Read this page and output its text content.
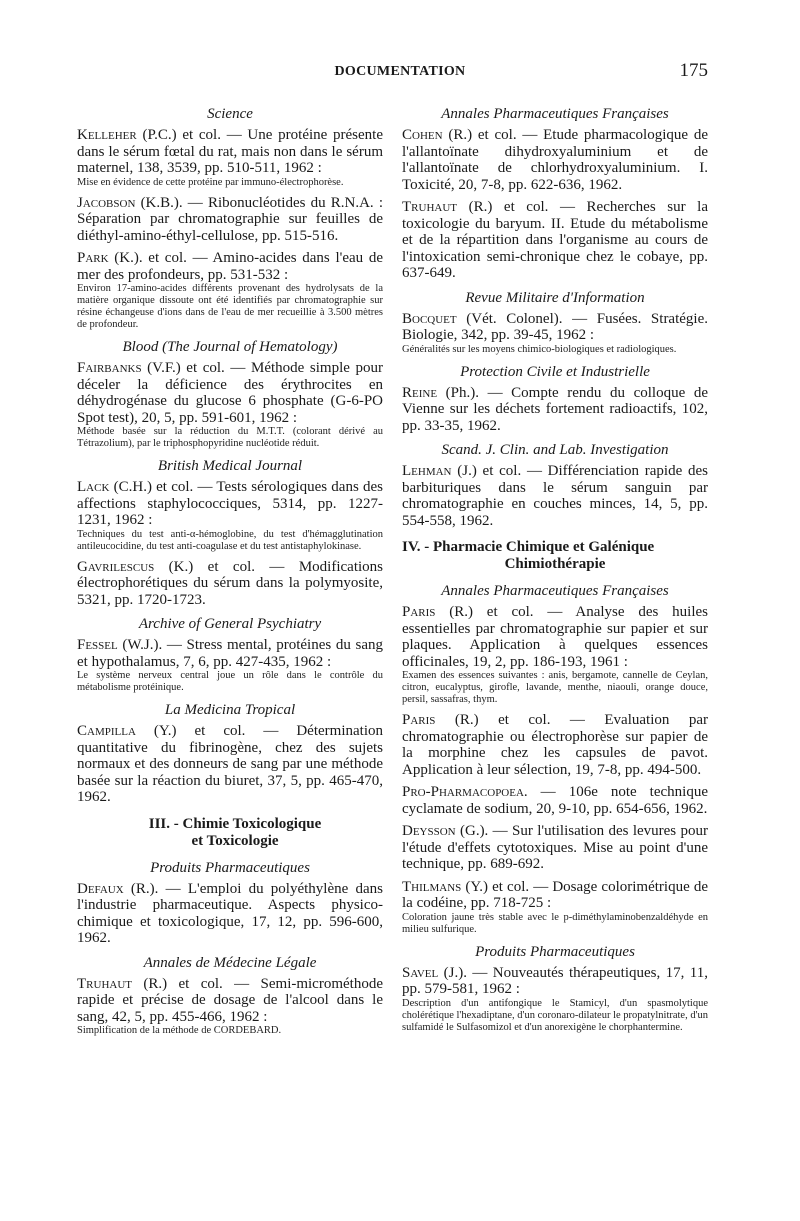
DOCUMENTATION	175
Science

Kelleher (P.C.) et col. — Une protéine présente dans le sérum fœtal du rat, mais non dans le sérum maternel, 138, 3539, pp. 510-511, 1962 :

Mise en évidence de cette protéine par immuno-électrophorèse.

Jacobson (K.B.). — Ribonucléotides du R.N.A. : Séparation par chromatographie sur feuilles de diéthyl-amino-éthyl-cellulose, pp. 515-516.

Park (K.). et col. — Amino-acides dans l'eau de mer des profondeurs, pp. 531-532 :

Environ 17-amino-acides différents provenant des hydrolysats de la matière organique dissoute ont été identifiés par chromatographie sur résine échangeuse d'ions dans de l'eau de mer recueillie à 3.500 mètres de profondeur.

Blood (The Journal of Hematology)

Fairbanks (V.F.) et col. — Méthode simple pour déceler la déficience des érythrocites en déhydrogénase du glucose 6 phosphate (G-6-PO Spot test), 20, 5, pp. 591-601, 1962 :

Méthode basée sur la réduction du M.T.T. (colorant dérivé au Tétrazolium), par le triphosphopyridine nucléotide réduit.

British Medical Journal

Lack (C.H.) et col. — Tests sérologiques dans des affections staphylococciques, 5314, pp. 1227-1231, 1962 :

Techniques du test anti-α-hémoglobine, du test d'hémagglutination antileucocidine, du test anti-coagulase et du test antistaphylokinase.

Gavrilescus (K.) et col. — Modifications électrophorétiques du sérum dans la polymyosite, 5321, pp. 1720-1723.

Archive of General Psychiatry

Fessel (W.J.). — Stress mental, protéines du sang et hypothalamus, 7, 6, pp. 427-435, 1962 :

Le système nerveux central joue un rôle dans le contrôle du métabolisme protéinique.

La Medicina Tropical

Campilla (Y.) et col. — Détermination quantitative du fibrinogène, chez des sujets normaux et des donneurs de sang par une méthode basée sur la réaction du biuret, 37, 5, pp. 465-470, 1962.

III. - Chimie Toxicologique
et Toxicologie
Produits Pharmaceutiques

Defaux (R.). — L'emploi du polyéthylène dans l'industrie pharmaceutique. Aspects physico-chimique et toxicologique, 17, 12, pp. 596-600, 1962.

Annales de Médecine Légale

Truhaut (R.) et col. — Semi-microméthode rapide et précise de dosage de l'alcool dans le sang, 42, 5, pp. 455-466, 1962 :

Simplification de la méthode de CORDEBARD.

Annales Pharmaceutiques Françaises

Cohen (R.) et col. — Etude pharmacologique de l'allantoïnate dihydroxyaluminium et de l'allantoïnate de chlorhydroxyaluminium. I. Toxicité, 20, 7-8, pp. 622-636, 1962.

Truhaut (R.) et col. — Recherches sur la toxicologie du baryum. II. Etude du métabolisme et de la répartition dans l'organisme au cours de l'intoxication semi-chronique chez le cobaye, pp. 637-649.

Revue Militaire d'Information

Bocquet (Vét. Colonel). — Fusées. Stratégie. Biologie, 342, pp. 39-45, 1962 :

Généralités sur les moyens chimico-biologiques et radiologiques.

Protection Civile et Industrielle

Reine (Ph.). — Compte rendu du colloque de Vienne sur les déchets fortement radioactifs, 102, pp. 33-35, 1962.

Scand. J. Clin. and Lab. Investigation

Lehman (J.) et col. — Différenciation rapide des barbituriques dans le sérum sanguin par chromatographie en couches minces, 14, 5, pp. 554-558, 1962.

IV. - Pharmacie Chimique et Galénique
Chimiothérapie
Annales Pharmaceutiques Françaises

Paris (R.) et col. — Analyse des huiles essentielles par chromatographie sur papier et sur plaques. Application à quelques essences officinales, 19, 2, pp. 186-193, 1961 :

Examen des essences suivantes : anis, bergamote, cannelle de Ceylan, citron, eucalyptus, girofle, lavande, menthe, niaouli, orange douce, persil, sassafras, thym.

Paris (R.) et col. — Evaluation par chromatographie ou électrophorèse sur papier de la morphine chez les capsules de pavot. Application à leur sélection, 19, 7-8, pp. 494-500.

Pro-Pharmacopoea. — 106e note technique cyclamate de sodium, 20, 9-10, pp. 654-656, 1962.

Deysson (G.). — Sur l'utilisation des levures pour l'étude d'effets cytotoxiques. Mise au point d'une technique, pp. 689-692.

Thilmans (Y.) et col. — Dosage colorimétrique de la codéine, pp. 718-725 :

Coloration jaune très stable avec le p-diméthylaminobenzaldéhyde en milieu sulfurique.

Produits Pharmaceutiques

Savel (J.). — Nouveautés thérapeutiques, 17, 11, pp. 579-581, 1962 :

Description d'un antifongique le Stamicyl, d'un spasmolytique cholérétique l'hexadiptane, d'un coronaro-dilateur le propatylnitrate, d'un sulfamidé le Sulfasomizol et d'un anorexigène le chorphantermine.
